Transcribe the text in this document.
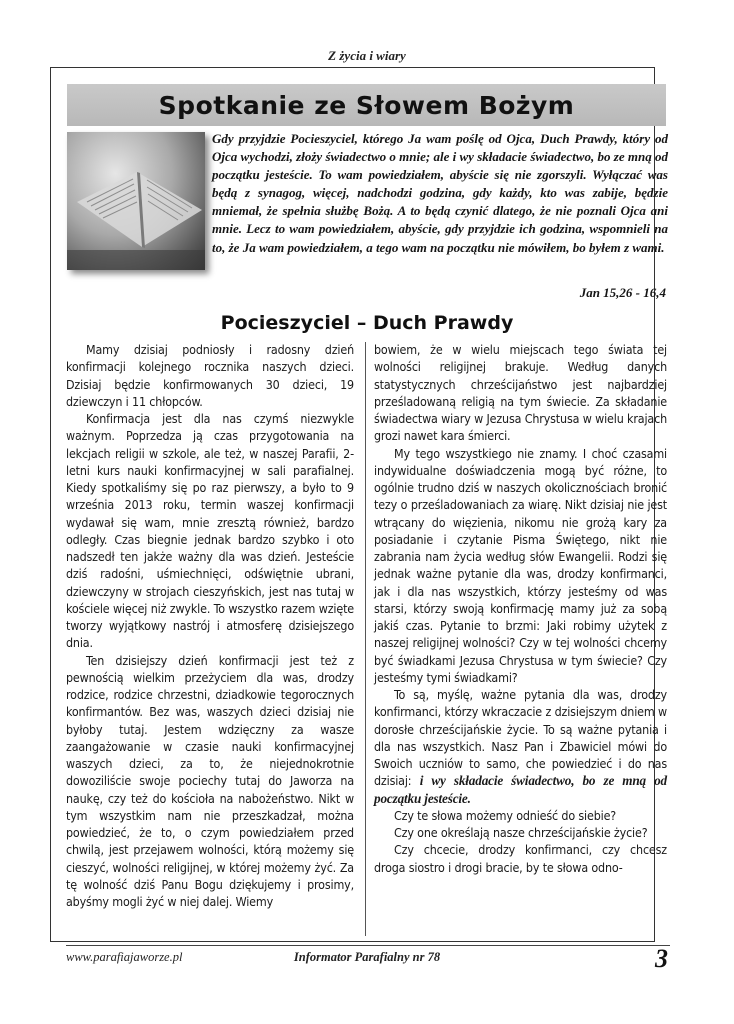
Z życia i wiary
Spotkanie ze Słowem Bożym
Gdy przyjdzie Pocieszyciel, którego Ja wam poślę od Ojca, Duch Prawdy, który od Ojca wychodzi, złoży świadectwo o mnie; ale i wy składacie świadectwo, bo ze mną od początku jesteście. To wam powiedziałem, abyście się nie zgorszyli. Wyłączać was będą z synagog, więcej, nadchodzi godzina, gdy każdy, kto was zabije, będzie mniemał, że spełnia służbę Bożą. A to będą czynić dlatego, że nie poznali Ojca ani mnie. Lecz to wam powiedziałem, abyście, gdy przyjdzie ich godzina, wspomnieli na to, że Ja wam powiedziałem, a tego wam na początku nie mówiłem, bo byłem z wami.
Jan 15,26 - 16,4
Pocieszyciel – Duch Prawdy

Mamy dzisiaj podniosły i radosny dzień konfirmacji kolejnego rocznika naszych dzieci. Dzisiaj będzie konfirmowanych 30 dzieci, 19 dziewczyn i 11 chłopców.

Konfirmacja jest dla nas czymś niezwykle ważnym. Poprzedza ją czas przygotowania na lekcjach religii w szkole, ale też, w naszej Parafii, 2-letni kurs nauki konfirmacyjnej w sali parafialnej. Kiedy spotkaliśmy się po raz pierwszy, a było to 9 września 2013 roku, termin waszej konfirmacji wydawał się wam, mnie zresztą również, bardzo odległy. Czas biegnie jednak bardzo szybko i oto nadszedł ten jakże ważny dla was dzień. Jesteście dziś radośni, uśmiechnięci, odświętnie ubrani, dziewczyny w strojach cieszyńskich, jest nas tutaj w kościele więcej niż zwykle. To wszystko razem wzięte tworzy wyjątkowy nastrój i atmosferę dzisiejszego dnia.

Ten dzisiejszy dzień konfirmacji jest też z pewnością wielkim przeżyciem dla was, drodzy rodzice, rodzice chrzestni, dziadkowie tegorocznych konfirmantów. Bez was, waszych dzieci dzisiaj nie byłoby tutaj. Jestem wdzięczny za wasze zaangażowanie w czasie nauki konfirmacyjnej waszych dzieci, za to, że niejednokrotnie dowoziliście swoje pociechy tutaj do Jaworza na naukę, czy też do kościoła na nabożeństwo. Nikt w tym wszystkim nam nie przeszkadzał, można powiedzieć, że to, o czym powiedziałem przed chwilą, jest przejawem wolności, którą możemy się cieszyć, wolności religijnej, w której możemy żyć. Za tę wolność dziś Panu Bogu dziękujemy i prosimy, abyśmy mogli żyć w niej dalej. Wiemy

bowiem, że w wielu miejscach tego świata tej wolności religijnej brakuje. Według danych statystycznych chrześcijaństwo jest najbardziej prześladowaną religią na tym świecie. Za składanie świadectwa wiary w Jezusa Chrystusa w wielu krajach grozi nawet kara śmierci.

My tego wszystkiego nie znamy. I choć czasami indywidualne doświadczenia mogą być różne, to ogólnie trudno dziś w naszych okolicznościach bronić tezy o prześladowaniach za wiarę. Nikt dzisiaj nie jest wtrącany do więzienia, nikomu nie grożą kary za posiadanie i czytanie Pisma Świętego, nikt nie zabrania nam życia według słów Ewangelii. Rodzi się jednak ważne pytanie dla was, drodzy konfirmanci, jak i dla nas wszystkich, którzy jesteśmy od was starsi, którzy swoją konfirmację mamy już za sobą jakiś czas. Pytanie to brzmi: Jaki robimy użytek z naszej religijnej wolności? Czy w tej wolności chcemy być świadkami Jezusa Chrystusa w tym świecie? Czy jesteśmy tymi świadkami?

To są, myślę, ważne pytania dla was, drodzy konfirmanci, którzy wkraczacie z dzisiejszym dniem w dorosłe chrześcijańskie życie. To są ważne pytania i dla nas wszystkich. Nasz Pan i Zbawiciel mówi do Swoich uczniów to samo, che powiedzieć i do nas dzisiaj: i wy składacie świadectwo, bo ze mną od początku jesteście.

Czy te słowa możemy odnieść do siebie?

Czy one określają nasze chrześcijańskie życie?

Czy chcecie, drodzy konfirmanci, czy chcesz droga siostro i drogi bracie, by te słowa odno-

www.parafiajaworze.pl	Informator Parafialny nr 78	3
